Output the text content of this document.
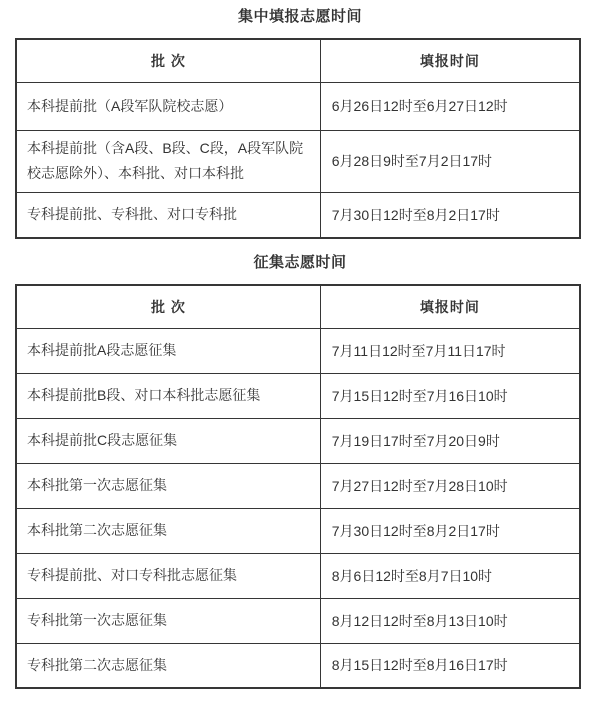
集中填报志愿时间
批 次	填报时间
本科提前批（A段军队院校志愿）	6月26日12时至6月27日12时
本科提前批（含A段、B段、C段，A段军队院校志愿除外）、本科批、对口本科批	6月28日9时至7月2日17时
专科提前批、专科批、对口专科批	7月30日12时至8月2日17时
征集志愿时间
批 次	填报时间
本科提前批A段志愿征集	7月11日12时至7月11日17时
本科提前批B段、对口本科批志愿征集	7月15日12时至7月16日10时
本科提前批C段志愿征集	7月19日17时至7月20日9时
本科批第一次志愿征集	7月27日12时至7月28日10时
本科批第二次志愿征集	7月30日12时至8月2日17时
专科提前批、对口专科批志愿征集	8月6日12时至8月7日10时
专科批第一次志愿征集	8月12日12时至8月13日10时
专科批第二次志愿征集	8月15日12时至8月16日17时
